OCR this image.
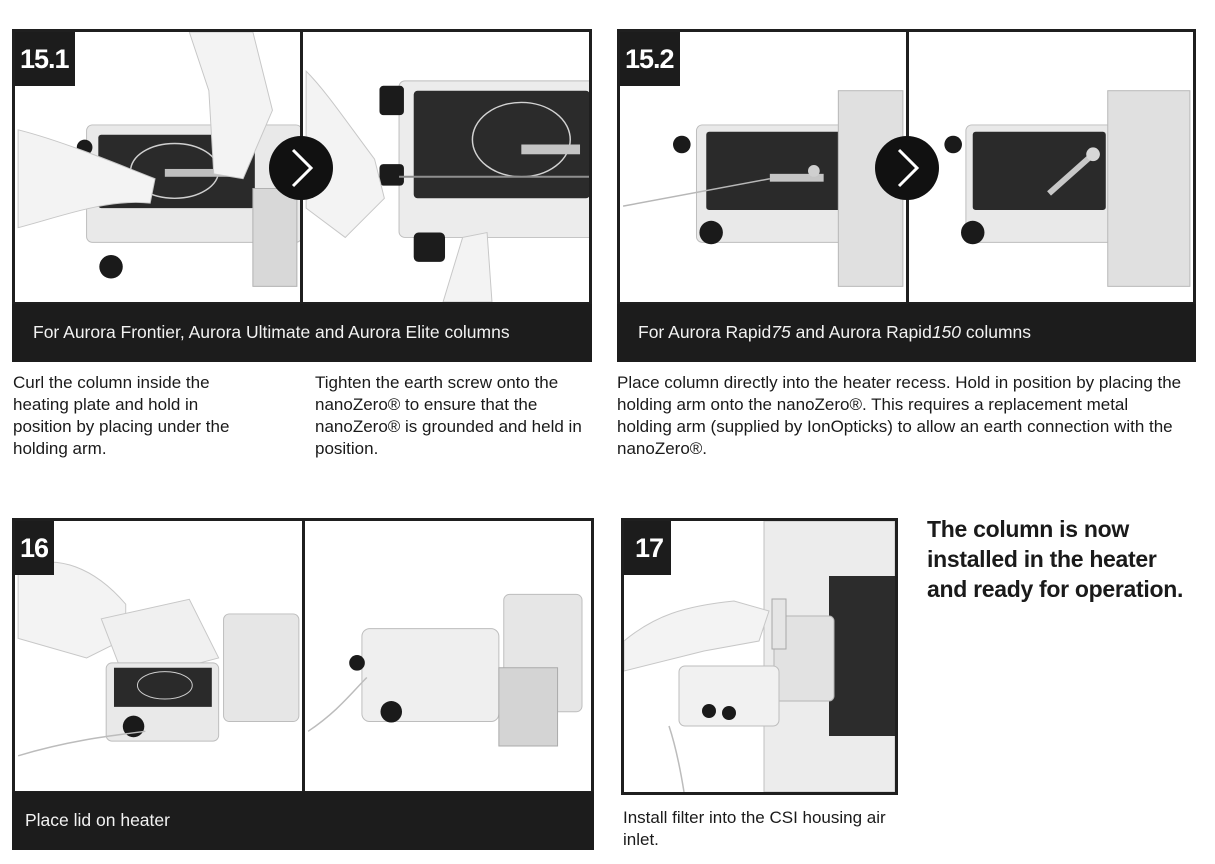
15.1
For Aurora Frontier, Aurora Ultimate and Aurora Elite columns
Curl the column inside the heating plate and hold in position by placing under the holding arm.
Tighten the earth screw onto the nanoZero® to ensure that the nanoZero® is grounded and held in position.
15.2
For Aurora Rapid75 and Aurora Rapid150 columns
Place column directly into the heater recess. Hold in position by placing the holding arm onto the nanoZero®. This requires a replacement metal holding arm (supplied by IonOpticks) to allow an earth connection with the nanoZero®.
16
Place lid on heater
17
Install filter into the CSI housing air inlet.
The column is now installed in the heater and ready for operation.
